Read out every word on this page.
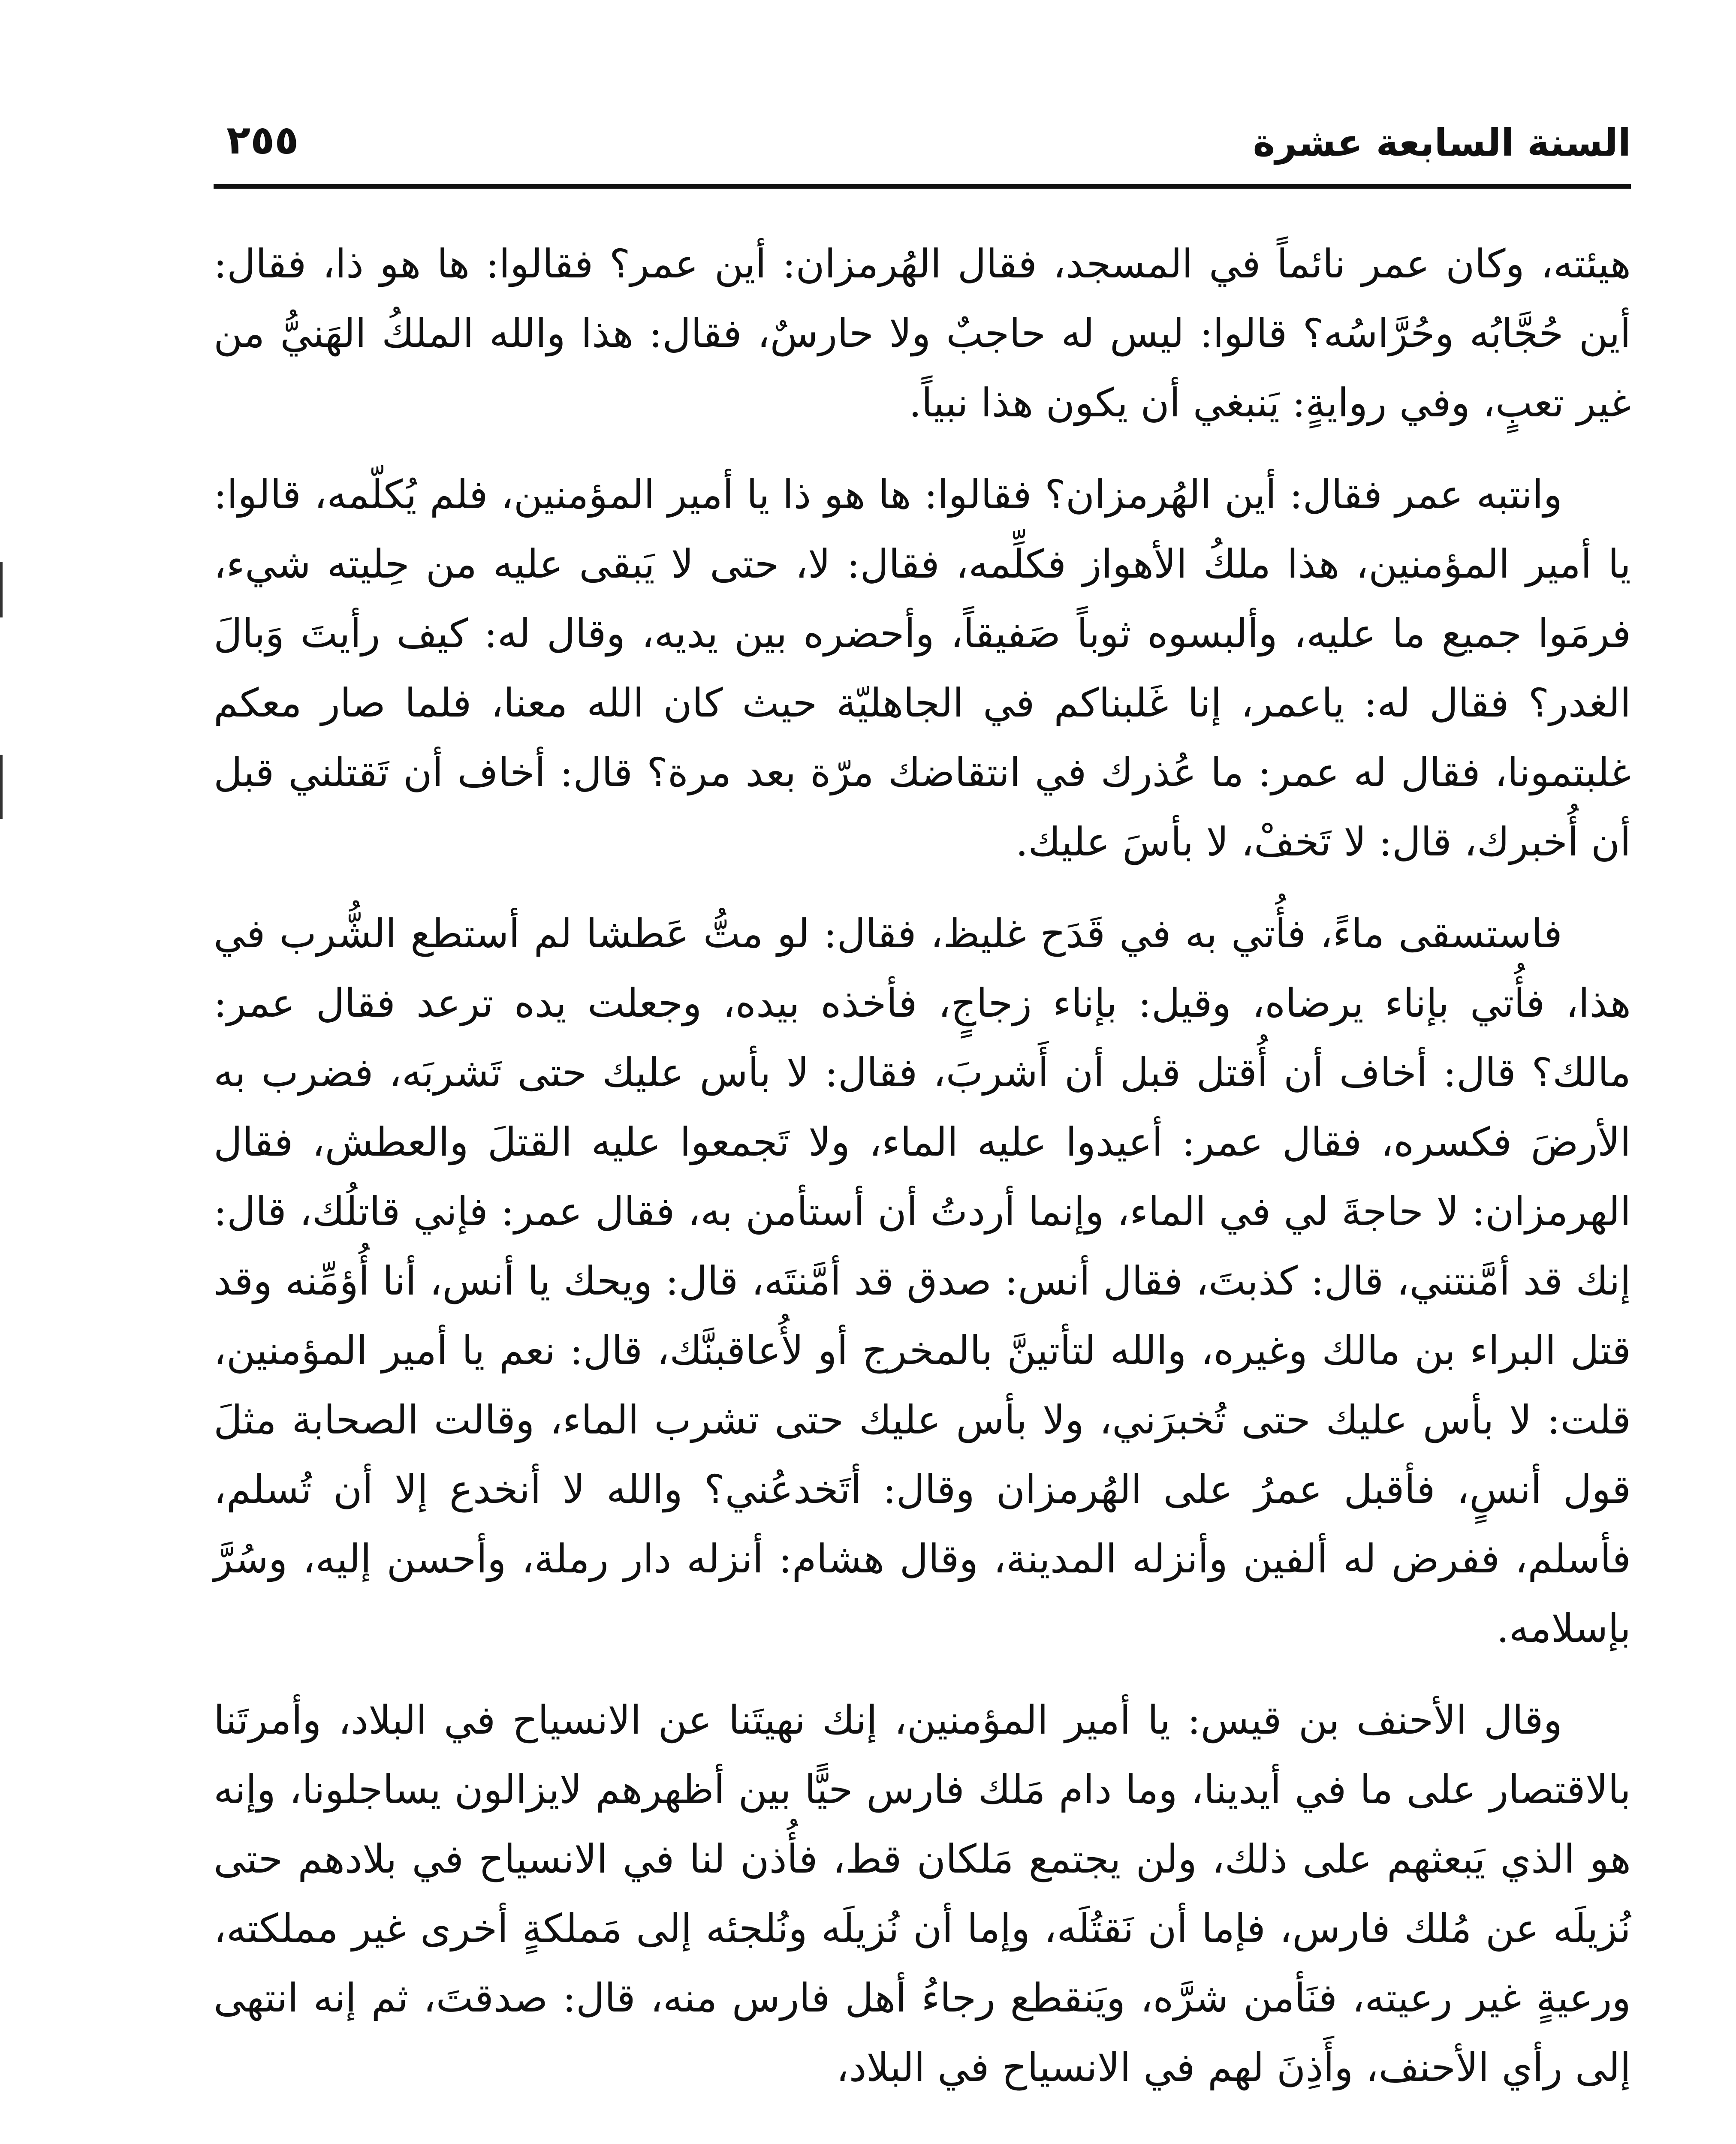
السنة السابعة عشرة
٢٥٥

هيئته، وكان عمر نائماً في المسجد، فقال الهُرمزان: أين عمر؟ فقالوا: ها هو ذا، فقال: أين حُجَّابُه وحُرَّاسُه؟ قالوا: ليس له حاجبٌ ولا حارسٌ، فقال: هذا والله الملكُ الهَنيُّ من غير تعبٍ، وفي روايةٍ: يَنبغي أن يكون هذا نبياً.

وانتبه عمر فقال: أين الهُرمزان؟ فقالوا: ها هو ذا يا أمير المؤمنين، فلم يُكلّمه، قالوا: يا أمير المؤمنين، هذا ملكُ الأهواز فكلِّمه، فقال: لا، حتى لا يَبقى عليه من حِليته شيء، فرمَوا جميع ما عليه، وألبسوه ثوباً صَفيقاً، وأحضره بين يديه، وقال له: كيف رأيتَ وَبالَ الغدر؟ فقال له: ياعمر، إنا غَلبناكم في الجاهليّة حيث كان الله معنا، فلما صار معكم غلبتمونا، فقال له عمر: ما عُذرك في انتقاضك مرّة بعد مرة؟ قال: أخاف أن تَقتلني قبل أن أُخبرك، قال: لا تَخفْ، لا بأسَ عليك.

فاستسقى ماءً، فأُتي به في قَدَح غليظ، فقال: لو متُّ عَطشا لم أستطع الشُّرب في هذا، فأُتي بإناء يرضاه، وقيل: بإناء زجاجٍ، فأخذه بيده، وجعلت يده ترعد فقال عمر: مالك؟ قال: أخاف أن أُقتل قبل أن أَشربَ، فقال: لا بأس عليك حتى تَشربَه، فضرب به الأرضَ فكسره، فقال عمر: أعيدوا عليه الماء، ولا تَجمعوا عليه القتلَ والعطش، فقال الهرمزان: لا حاجةَ لي في الماء، وإنما أردتُ أن أستأمن به، فقال عمر: فإني قاتلُك، قال: إنك قد أمَّنتني، قال: كذبتَ، فقال أنس: صدق قد أمَّنتَه، قال: ويحك يا أنس، أنا أُؤمِّنه وقد قتل البراء بن مالك وغيره، والله لتأتينَّ بالمخرج أو لأُعاقبنَّك، قال: نعم يا أمير المؤمنين، قلت: لا بأس عليك حتى تُخبرَني، ولا بأس عليك حتى تشرب الماء، وقالت الصحابة مثلَ قول أنسٍ، فأقبل عمرُ على الهُرمزان وقال: أتَخدعُني؟ والله لا أنخدع إلا أن تُسلم، فأسلم، ففرض له ألفين وأنزله المدينة، وقال هشام: أنزله دار رملة، وأحسن إليه، وسُرَّ بإسلامه.

وقال الأحنف بن قيس: يا أمير المؤمنين، إنك نهيتَنا عن الانسياح في البلاد، وأمرتَنا بالاقتصار على ما في أيدينا، وما دام مَلك فارس حيًّا بين أظهرهم لايزالون يساجلونا، وإنه هو الذي يَبعثهم على ذلك، ولن يجتمع مَلكان قط، فأُذن لنا في الانسياح في بلادهم حتى نُزيلَه عن مُلك فارس، فإما أن نَقتُلَه، وإما أن نُزيلَه ونُلجئه إلى مَملكةٍ أخرى غير مملكته، ورعيةٍ غير رعيته، فنَأمن شرَّه، ويَنقطع رجاءُ أهل فارس منه، قال: صدقتَ، ثم إنه انتهى إلى رأي الأحنف، وأَذِنَ لهم في الانسياح في البلاد،
